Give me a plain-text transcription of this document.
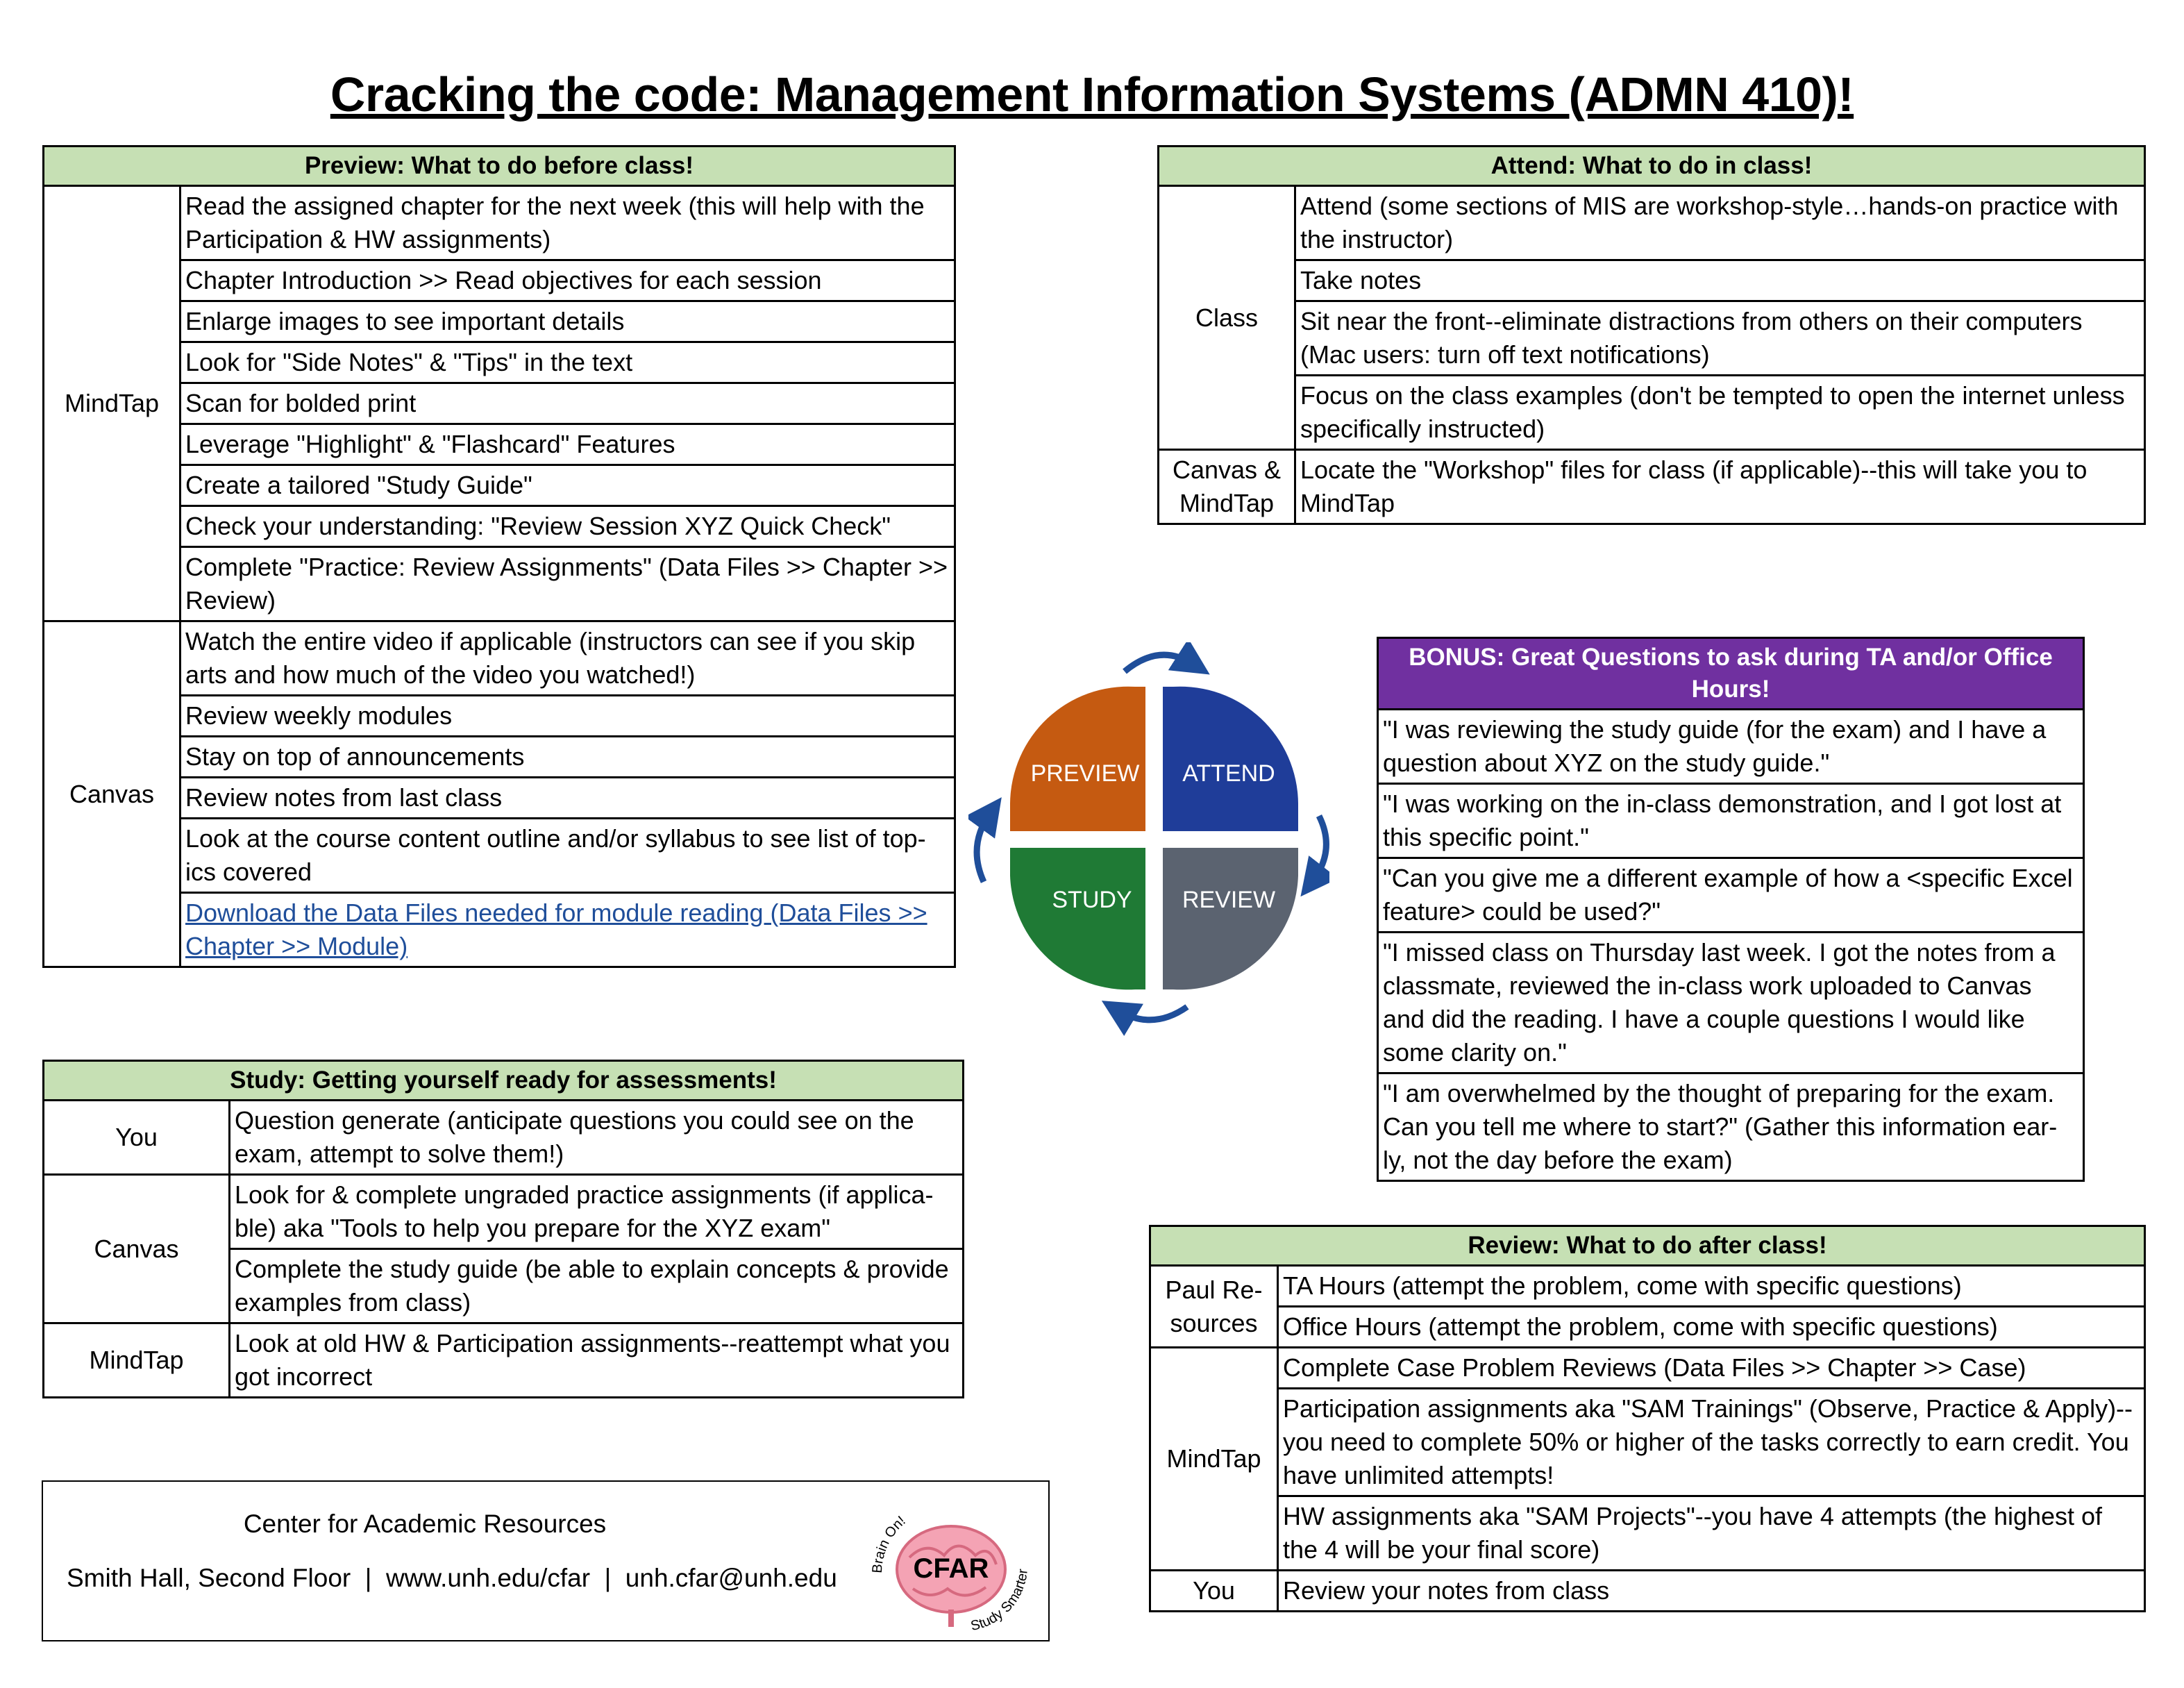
Cracking the code: Management Information Systems (ADMN 410)!
Preview: What to do before class!	
MindTap	Read the assigned chapter for the next week (this will help with the Participation & HW assignments)
	Chapter Introduction >> Read objectives for each session
	Enlarge images to see important details
	Look for "Side Notes" & "Tips" in the text
	Scan for bolded print
	Leverage "Highlight" & "Flashcard" Features
	Create a tailored "Study Guide"
	Check your understanding: "Review Session XYZ Quick Check"
	Complete "Practice: Review Assignments" (Data Files >> Chapter >> Review)
Canvas	Watch the entire video if applicable (instructors can see if you skip arts and how much of the video you watched!)
	Review weekly modules
	Stay on top of announcements
	Review notes from last class
	Look at the course content outline and/or syllabus to see list of top-ics covered
	Download the Data Files needed for module reading (Data Files >> Chapter >> Module)
Attend: What to do in class!	
Class	Attend (some sections of MIS are workshop-style…hands-on practice with the instructor)
	Take notes
	Sit near the front--eliminate distractions from others on their computers (Mac users: turn off text notifications)
	Focus on the class examples (don't be tempted to open the internet unless specifically instructed)
Canvas & MindTap	Locate the "Workshop" files for class (if applicable)--this will take you to MindTap
PREVIEW ATTEND
STUDY REVIEW
BONUS: Great Questions to ask during TA and/or Office Hours!
"I was reviewing the study guide (for the exam) and I have a question about XYZ on the study guide."
"I was working on the in-class demonstration, and I got lost at this specific point."
"Can you give me a different example of how a <specific Excel feature> could be used?"
"I missed class on Thursday last week. I got the notes from a classmate, reviewed the in-class work uploaded to Canvas and did the reading. I have a couple questions I would like some clarity on."
"I am overwhelmed by the thought of preparing for the exam. Can you tell me where to start?" (Gather this information ear-ly, not the day before the exam)
Study: Getting yourself ready for assessments!	
You	Question generate (anticipate questions you could see on the exam, attempt to solve them!)
Canvas	Look for & complete ungraded practice assignments (if applica-ble) aka "Tools to help you prepare for the XYZ exam"
	Complete the study guide (be able to explain concepts & provide examples from class)
MindTap	Look at old HW & Participation assignments--reattempt what you got incorrect
Review: What to do after class!	
Paul Re-sources	TA Hours (attempt the problem, come with specific questions)
	Office Hours (attempt the problem, come with specific questions)
MindTap	Complete Case Problem Reviews (Data Files >> Chapter >> Case)
	Participation assignments aka "SAM Trainings" (Observe, Practice & Apply)--you need to complete 50% or higher of the tasks correctly to earn credit. You have unlimited attempts!
	HW assignments aka "SAM Projects"--you have 4 attempts (the highest of the 4 will be your final score)
You	Review your notes from class
Center for Academic Resources
Smith Hall, Second Floor  |  www.unh.edu/cfar  |  unh.cfar@unh.edu	CFAR
Brain On!
Study Smarter
